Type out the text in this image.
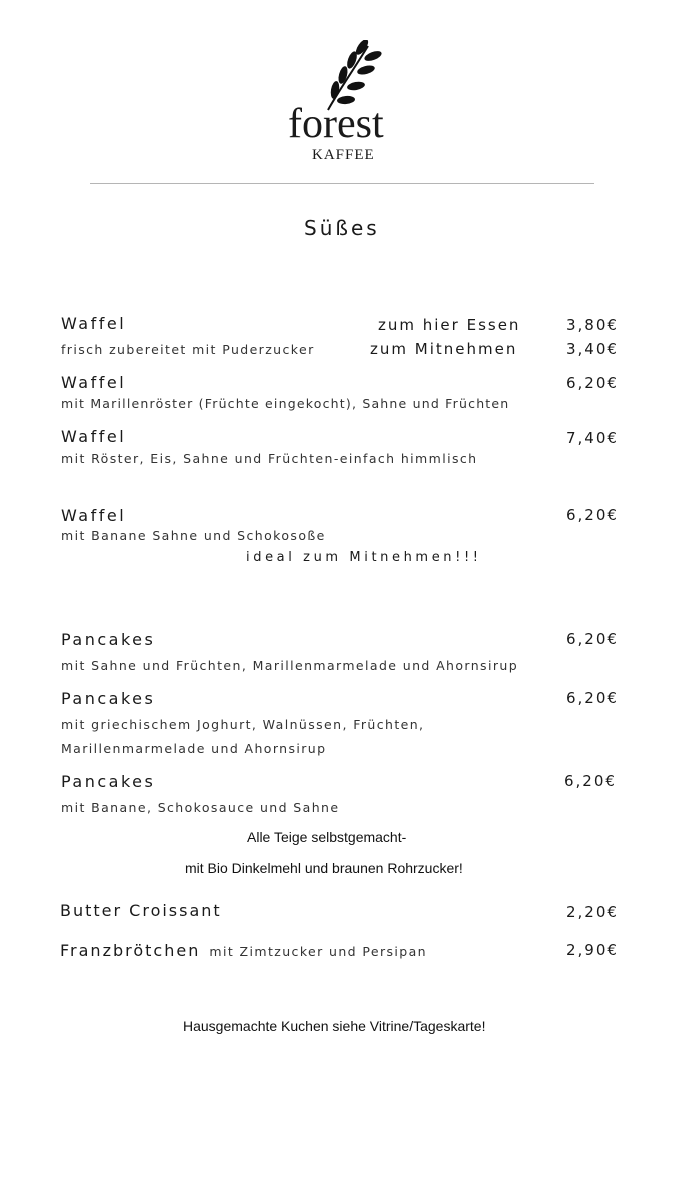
forest
KAFFEE
Süßes
Waffel	zum hier Essen	3,80€
frisch zubereitet mit Puderzucker	zum Mitnehmen	3,40€
Waffel	6,20€
mit Marillenröster (Früchte eingekocht), Sahne und Früchten
Waffel	7,40€
mit Röster, Eis, Sahne und Früchten-einfach himmlisch
Waffel	6,20€
mit Banane Sahne und Schokosoße
ideal zum Mitnehmen!!!
Pancakes	6,20€
mit Sahne und Früchten, Marillenmarmelade und Ahornsirup
Pancakes	6,20€
mit griechischem Joghurt, Walnüssen, Früchten,
Marillenmarmelade und Ahornsirup
Pancakes	6,20€
mit Banane, Schokosauce und Sahne
Alle Teige selbstgemacht-
mit Bio Dinkelmehl und braunen Rohrzucker!
Butter Croissant	2,20€
Franzbrötchen mit Zimtzucker und Persipan	2,90€
Hausgemachte Kuchen siehe Vitrine/Tageskarte!
